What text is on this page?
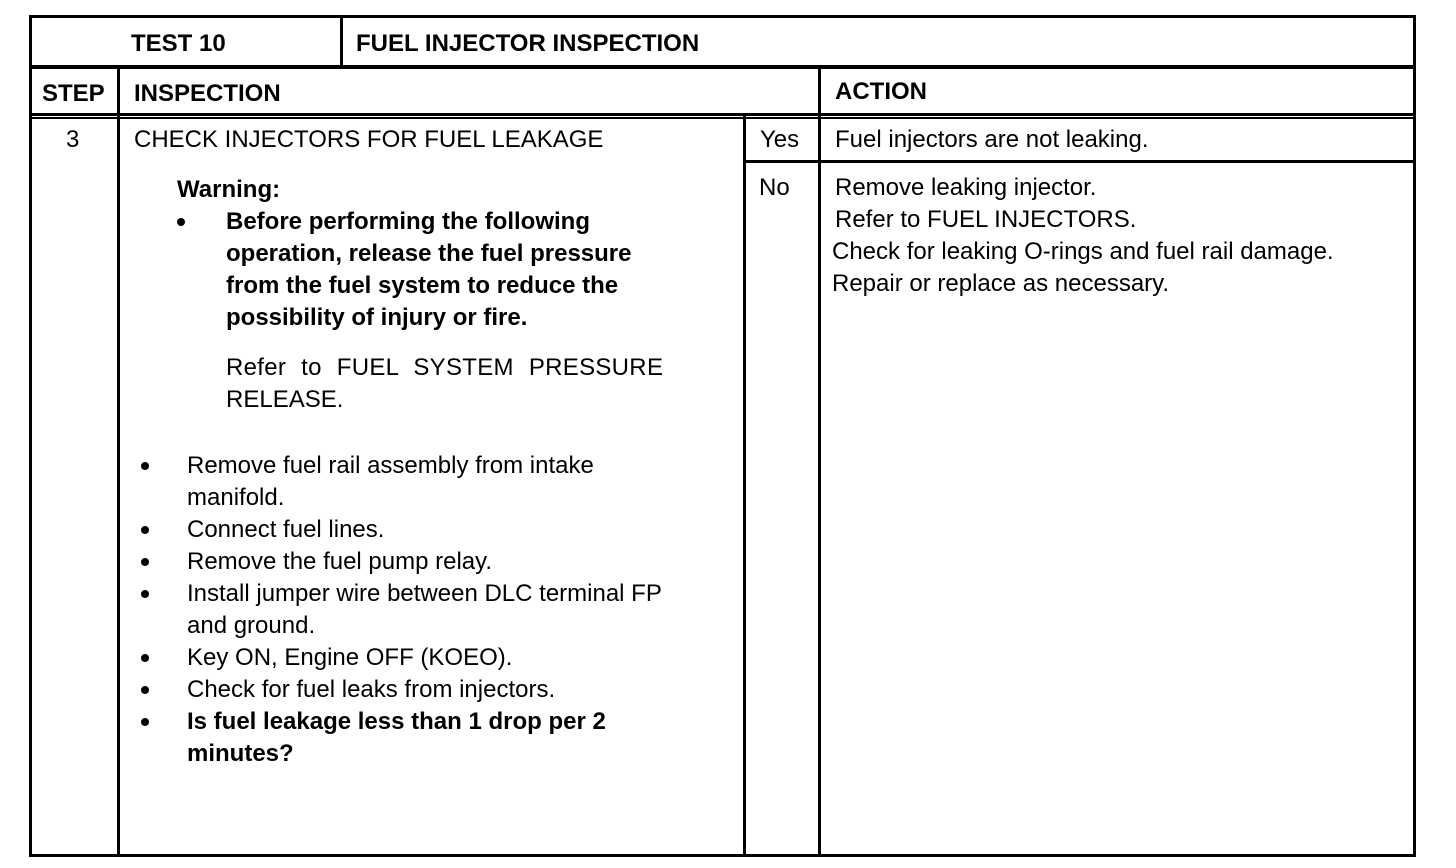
TEST 10	FUEL INJECTOR INSPECTION
STEP INSPECTION	ACTION
3 CHECK INJECTORS FOR FUEL LEAKAGE
Warning:
Before performing the following
operation, release the fuel pressure
from the fuel system to reduce the
possibility of injury or fire.
Refer to FUEL SYSTEM PRESSURE
RELEASE.
Remove fuel rail assembly from intake
manifold.
Connect fuel lines.
Remove the fuel pump relay.
Install jumper wire between DLC terminal FP
and ground.
Key ON, Engine OFF (KOEO).
Check for fuel leaks from injectors.
Is fuel leakage less than 1 drop per 2
minutes?
Yes Fuel injectors are not leaking.
No Remove leaking injector.
Refer to FUEL INJECTORS.
Check for leaking O-rings and fuel rail damage.
Repair or replace as necessary.
